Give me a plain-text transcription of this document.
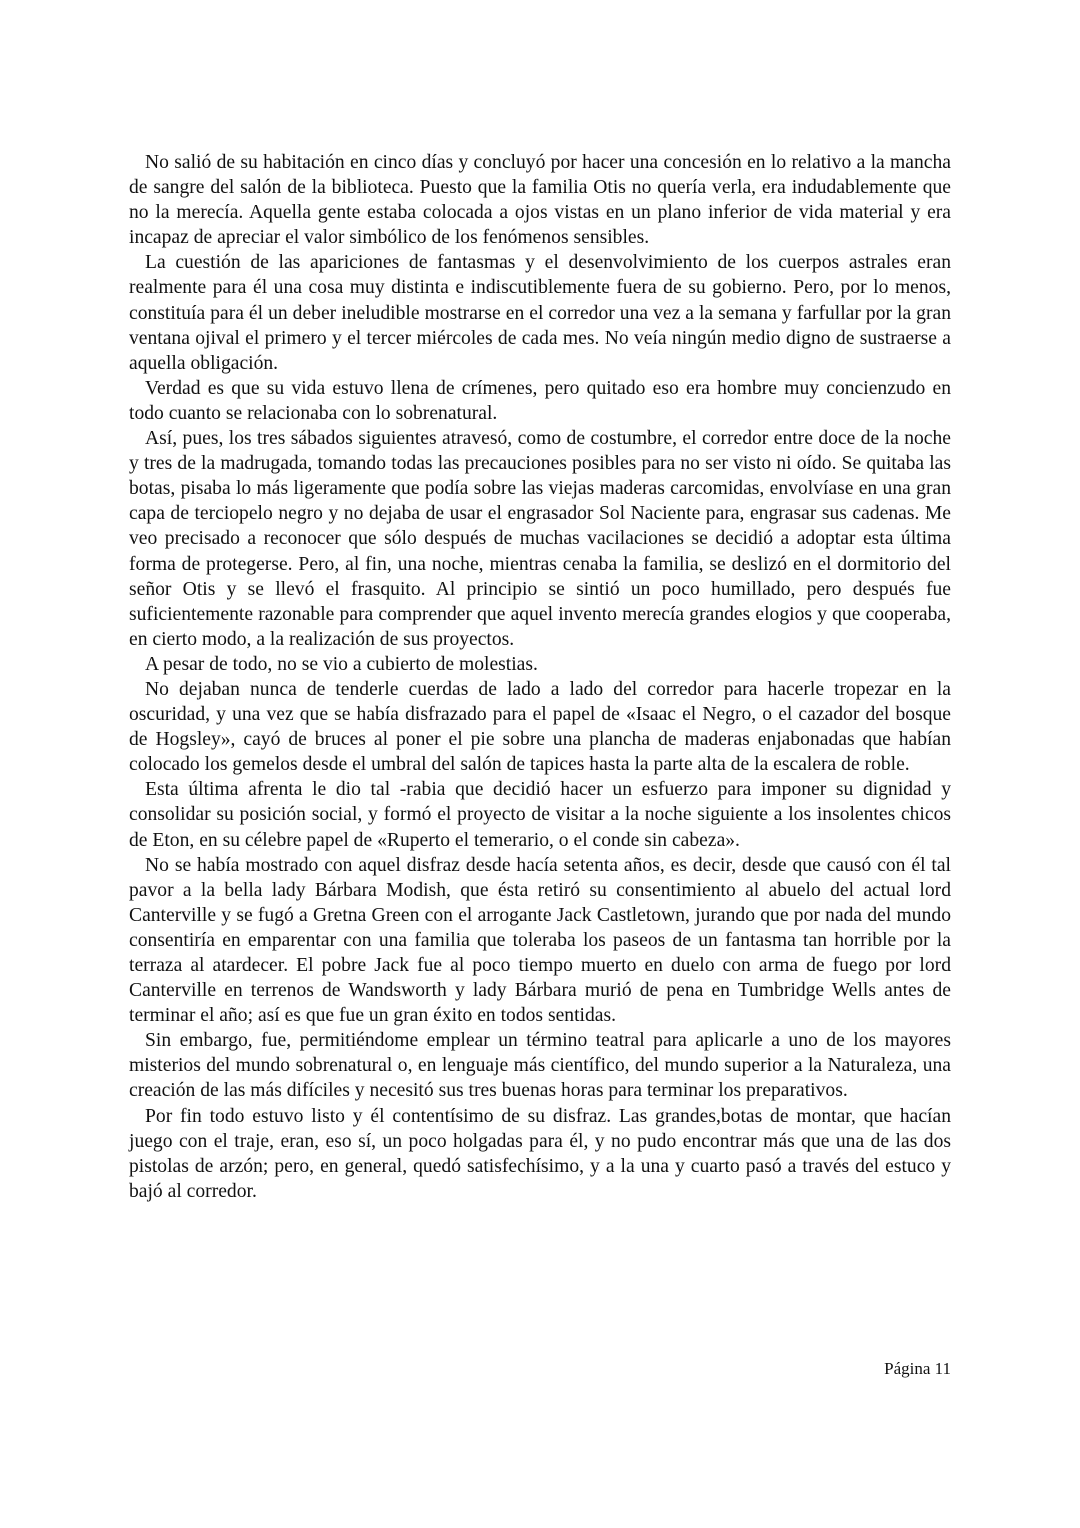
No salió de su habitación en cinco días y concluyó por hacer una concesión en lo relativo a la mancha de sangre del salón de la biblioteca. Puesto que la familia Otis no quería verla, era indudablemente que no la merecía. Aquella gente estaba colocada a ojos vistas en un plano inferior de vida material y era incapaz de apreciar el valor simbólico de los fenómenos sensibles.

La cuestión de las apariciones de fantasmas y el desenvolvimiento de los cuerpos astrales eran realmente para él una cosa muy distinta e indiscutiblemente fuera de su gobierno. Pero, por lo menos, constituía para él un deber ineludible mostrarse en el corredor una vez a la semana y farfullar por la gran ventana ojival el primero y el tercer miércoles de cada mes. No veía ningún medio digno de sustraerse a aquella obligación.

Verdad es que su vida estuvo llena de crímenes, pero quitado eso era hombre muy concienzudo en todo cuanto se relacionaba con lo sobrenatural.

Así, pues, los tres sábados siguientes atravesó, como de costumbre, el corredor entre doce de la noche y tres de la madrugada, tomando todas las precauciones posibles para no ser visto ni oído. Se quitaba las botas, pisaba lo más ligeramente que podía sobre las viejas maderas carcomidas, envolvíase en una gran capa de terciopelo negro y no dejaba de usar el engrasador Sol Naciente para, engrasar sus cadenas. Me veo precisado a reconocer que sólo después de muchas vacilaciones se decidió a adoptar esta última forma de protegerse. Pero, al fin, una noche, mientras cenaba la familia, se deslizó en el dormitorio del señor Otis y se llevó el frasquito. Al principio se sintió un poco humillado, pero después fue suficientemente razonable para comprender que aquel invento merecía grandes elogios y que cooperaba, en cierto modo, a la realización de sus proyectos.

A pesar de todo, no se vio a cubierto de molestias.

No dejaban nunca de tenderle cuerdas de lado a lado del corredor para hacerle tropezar en la oscuridad, y una vez que se había disfrazado para el papel de «Isaac el Negro, o el cazador del bosque de Hogsley», cayó de bruces al poner el pie sobre una plancha de maderas enjabonadas que habían colocado los gemelos desde el umbral del salón de tapices hasta la parte alta de la escalera de roble.

Esta última afrenta le dio tal -rabia que decidió hacer un esfuerzo para imponer su dignidad y consolidar su posición social, y formó el proyecto de visitar a la noche siguiente a los insolentes chicos de Eton, en su célebre papel de «Ruperto el temerario, o el conde sin cabeza».

No se había mostrado con aquel disfraz desde hacía setenta años, es decir, desde que causó con él tal pavor a la bella lady Bárbara Modish, que ésta retiró su consentimiento al abuelo del actual lord Canterville y se fugó a Gretna Green con el arrogante Jack Castletown, jurando que por nada del mundo consentiría en emparentar con una familia que toleraba los paseos de un fantasma tan horrible por la terraza al atardecer. El pobre Jack fue al poco tiempo muerto en duelo con arma de fuego por lord Canterville en terrenos de Wandsworth y lady Bárbara murió de pena en Tumbridge Wells antes de terminar el año; así es que fue un gran éxito en todos sentidas.

Sin embargo, fue, permitiéndome emplear un término teatral para aplicarle a uno de los mayores misterios del mundo sobrenatural o, en lenguaje más científico, del mundo superior a la Naturaleza, una creación de las más difíciles y necesitó sus tres buenas horas para terminar los preparativos.

Por fin todo estuvo listo y él contentísimo de su disfraz. Las grandes,botas de montar, que hacían juego con el traje, eran, eso sí, un poco holgadas para él, y no pudo encontrar más que una de las dos pistolas de arzón; pero, en general, quedó satisfechísimo, y a la una y cuarto pasó a través del estuco y bajó al corredor.

Página 11
